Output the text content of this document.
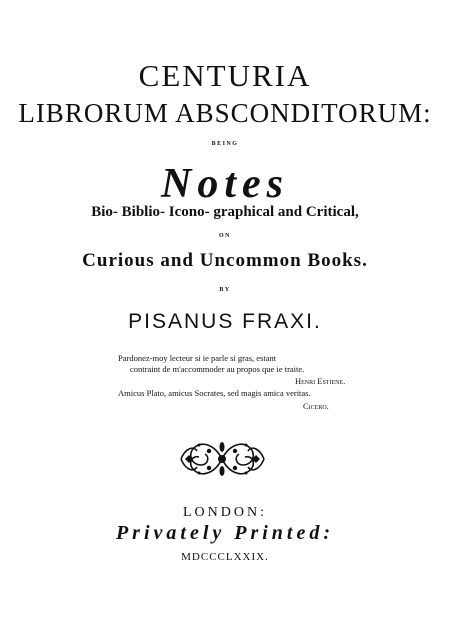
CENTURIA
LIBRORUM ABSCONDITORUM:
BEING
Notes
Bio- Biblio- Icono- graphical and Critical,
ON
Curious and Uncommon Books.
BY
PISANUS FRAXI.
Pardonez-moy lecteur si ie parle si gras, estant
contraint de m'accommoder au propos que ie traite.
Henri Estiene.
Amicus Plato, amicus Socrates, sed magis amica veritas.
Cicero.
LONDON:
Privately Printed:
MDCCCLXXIX.
